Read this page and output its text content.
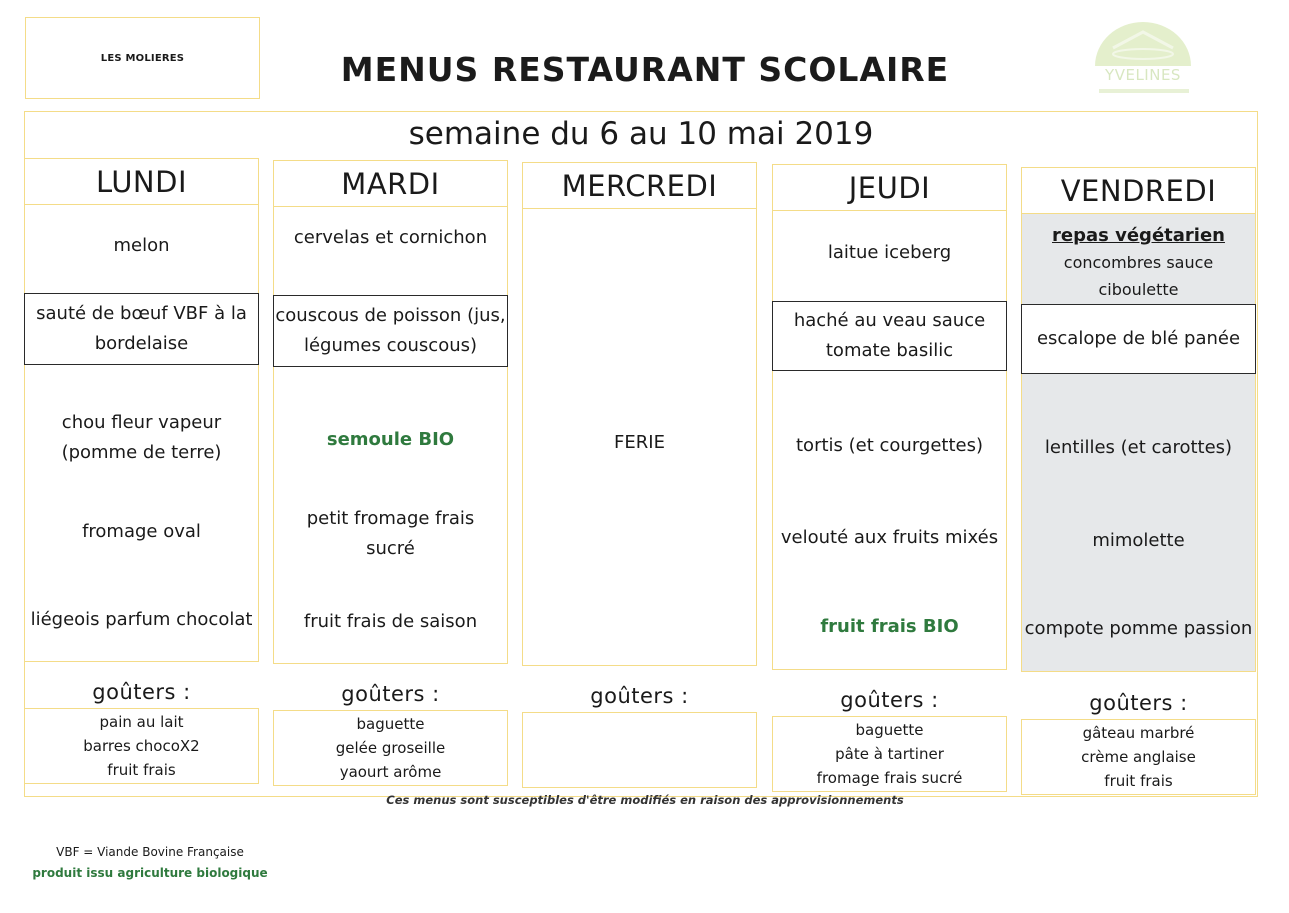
LES MOLIERES	MENUS RESTAURANT SCOLAIRE	YVELINES
semaine du 6 au 10 mai 2019
LUNDI
melon
sauté de bœuf VBF à la bordelaise
chou fleur vapeur (pomme de terre)
fromage oval
liégeois parfum chocolat
goûters :
pain au lait
barres chocoX2
fruit frais
MARDI
cervelas et cornichon
couscous de poisson (jus, légumes couscous)
semoule BIO
petit fromage frais sucré
fruit frais de saison
goûters :
baguette
gelée groseille
yaourt arôme
MERCREDI
FERIE
goûters :
JEUDI
laitue iceberg
haché au veau sauce tomate basilic
tortis (et courgettes)
velouté aux fruits mixés
fruit frais BIO
goûters :
baguette
pâte à tartiner
fromage frais sucré
VENDREDI
repas végétarien
concombres sauce
ciboulette
escalope de blé panée
lentilles (et carottes)
mimolette
compote pomme passion
goûters :
gâteau marbré
crème anglaise
fruit frais
Ces menus sont susceptibles d'être modifiés en raison des approvisionnements
VBF = Viande Bovine Française
produit issu agriculture biologique
